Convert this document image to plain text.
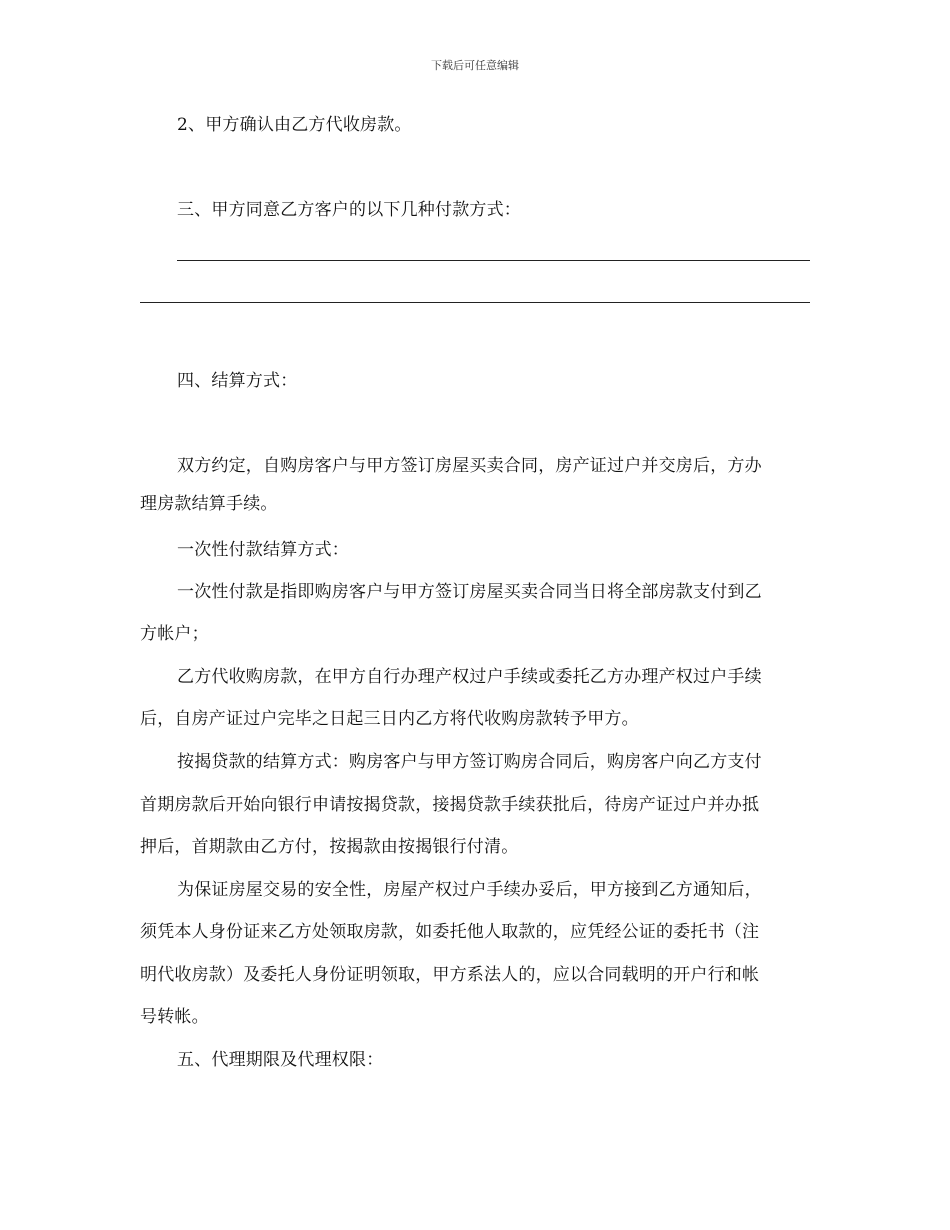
下载后可任意编辑
2、甲方确认由乙方代收房款。
三、甲方同意乙方客户的以下几种付款方式：
四、结算方式：
双方约定，自购房客户与甲方签订房屋买卖合同，房产证过户并交房后，方办
理房款结算手续。
一次性付款结算方式：
一次性付款是指即购房客户与甲方签订房屋买卖合同当日将全部房款支付到乙
方帐户；
乙方代收购房款，在甲方自行办理产权过户手续或委托乙方办理产权过户手续
后，自房产证过户完毕之日起三日内乙方将代收购房款转予甲方。
按揭贷款的结算方式：购房客户与甲方签订购房合同后，购房客户向乙方支付
首期房款后开始向银行申请按揭贷款，接揭贷款手续获批后，待房产证过户并办抵
押后，首期款由乙方付，按揭款由按揭银行付清。
为保证房屋交易的安全性，房屋产权过户手续办妥后，甲方接到乙方通知后，
须凭本人身份证来乙方处领取房款，如委托他人取款的，应凭经公证的委托书（注
明代收房款）及委托人身份证明领取，甲方系法人的，应以合同载明的开户行和帐
号转帐。
五、代理期限及代理权限：
